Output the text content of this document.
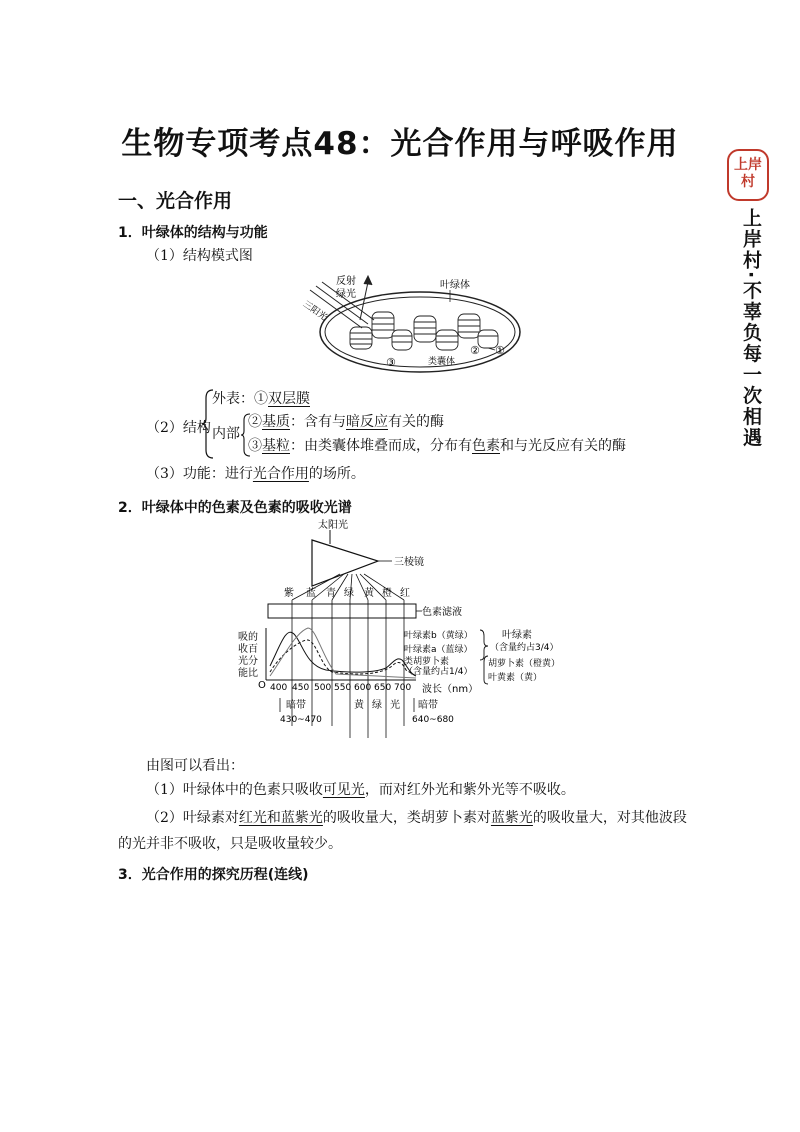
上岸
村
上岸村·不辜负每一次相遇
生物专项考点48：光合作用与呼吸作用
一、光合作用
1．叶绿体的结构与功能
（1）结构模式图
反射
绿光
三阳光
叶绿体
类囊体
③
② ①
（2）结构
外表：①双层膜
内部
②基质：含有与暗反应有关的酶
③基粒：由类囊体堆叠而成，分布有色素和与光反应有关的酶
（3）功能：进行光合作用的场所。
2．叶绿体中的色素及色素的吸收光谱
太阳光
三棱镜
紫 蓝 青 绿 黄 橙 红
色素滤液
吸的
收百
光分
能比
O 400 450 500 550 600 650 700 波长（nm）
叶绿素b（黄绿）
叶绿素a（蓝绿）
类胡萝卜素
（含量约占1/4）
叶绿素
（含量约占3/4）
胡萝卜素（橙黄）
叶黄素（黄）
暗带
430~470
黄 绿 光 暗带
640~680
由图可以看出：
（1）叶绿体中的色素只吸收可见光，而对红外光和紫外光等不吸收。
（2）叶绿素对红光和蓝紫光的吸收量大，类胡萝卜素对蓝紫光的吸收量大，对其他波段
的光并非不吸收，只是吸收量较少。
3．光合作用的探究历程(连线)
